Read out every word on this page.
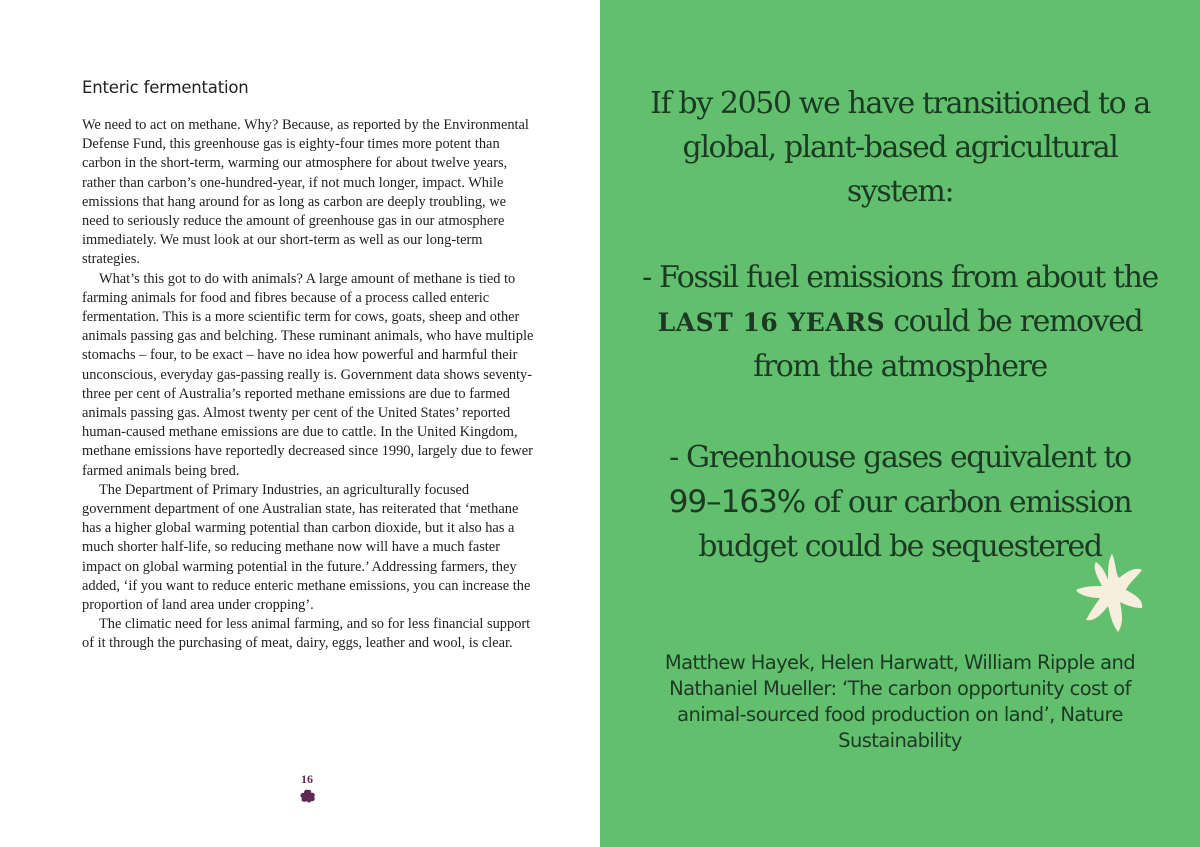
Enteric fermentation

We need to act on methane. Why? Because, as reported by the Environmental Defense Fund, this greenhouse gas is eighty-four times more potent than carbon in the short-term, warming our atmosphere for about twelve years, rather than carbon’s one-hundred-year, if not much longer, impact. While emissions that hang around for as long as carbon are deeply troubling, we need to seriously reduce the amount of greenhouse gas in our atmosphere immediately. We must look at our short-term as well as our long-term strategies.

What’s this got to do with animals? A large amount of methane is tied to farming animals for food and fibres because of a process called enteric fermentation. This is a more scientific term for cows, goats, sheep and other animals passing gas and belching. These ruminant animals, who have multiple stomachs – four, to be exact – have no idea how powerful and harmful their unconscious, everyday gas-passing really is. Government data shows seventy-three per cent of Australia’s reported methane emissions are due to farmed animals passing gas. Almost twenty per cent of the United States’ reported human-caused methane emissions are due to cattle. In the United Kingdom, methane emissions have reportedly decreased since 1990, largely due to fewer farmed animals being bred.

The Department of Primary Industries, an agriculturally focused government department of one Australian state, has reiterated that ‘methane has a higher global warming potential than carbon dioxide, but it also has a much shorter half-life, so reducing methane now will have a much faster impact on global warming potential in the future.’ Addressing farmers, they added, ‘if you want to reduce enteric methane emissions, you can increase the proportion of land area under cropping’.

The climatic need for less animal farming, and so for less financial support of it through the purchasing of meat, dairy, eggs, leather and wool, is clear.

16
If by 2050 we have transitioned to a global, plant-based agricultural system:
- Fossil fuel emissions from about the LAST 16 YEARS could be removed from the atmosphere
- Greenhouse gases equivalent to 99–163% of our carbon emission budget could be sequestered
Matthew Hayek, Helen Harwatt, William Ripple and Nathaniel Mueller: ‘The carbon opportunity cost of animal-sourced food production on land’, Nature Sustainability
